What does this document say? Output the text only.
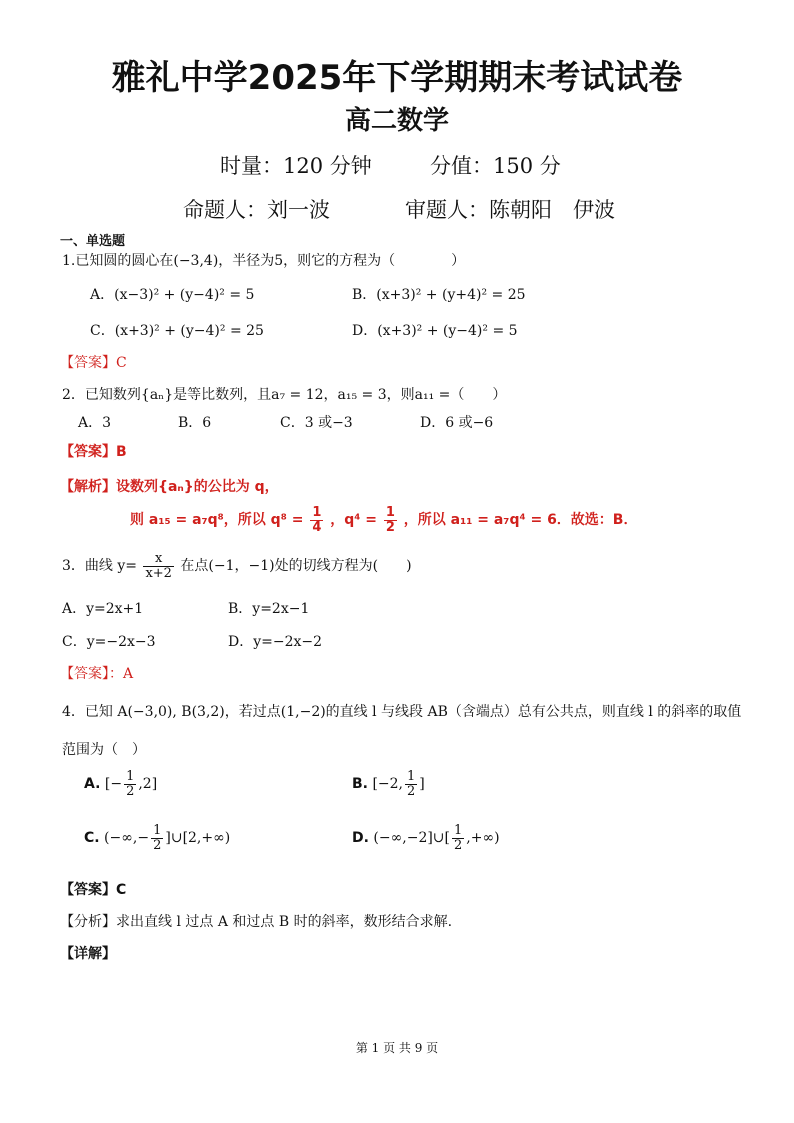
雅礼中学2025年下学期期末考试试卷
高二数学
时量：120 分钟	分值：150 分
命题人：刘一波	审题人：陈朝阳　伊波
一、单选题
1.已知圆的圆心在(−3,4)，半径为5，则它的方程为（　　　　）
A．(x−3)² + (y−4)² = 5	B．(x+3)² + (y+4)² = 25
C．(x+3)² + (y−4)² = 25	D．(x+3)² + (y−4)² = 5
【答案】C
2．已知数列{aₙ}是等比数列，且a₇ = 12，a₁₅ = 3，则a₁₁ =（　　）
A．3	B．6	C．3 或−3	D．6 或−6
【答案】B
【解析】设数列{aₙ}的公比为 q，
则 a₁₅ = a₇q⁸，所以 $q^8 = \frac{1}{4}$ ，$q^4 = \frac{1}{2}$ ，所以 a₁₁ = a₇q⁴ = 6．故选：B．
3．曲线 $y= \frac{x}{x+2}$ 在点(−1，−1)处的切线方程为(　　)
A．y=2x+1	B．y=2x−1
C．y=−2x−3	D．y=−2x−2
【答案】：A
4．已知 A(−3,0), B(3,2)，若过点(1,−2)的直线 l 与线段 AB（含端点）总有公共点，则直线 l 的斜率的取值
范围为（　）
A. [− $\frac{1}{2} ,2$]	B. [−2, $\frac{1}{2}$ ]
C. (−∞,− $\frac{1}{2}$ ]∪[2,+∞)	D. (−∞,−2]∪[ $\frac{1}{2}$ ,+∞)
【答案】C
【分析】求出直线 l 过点 A 和过点 B 时的斜率，数形结合求解.
【详解】
第 1 页 共 9 页
